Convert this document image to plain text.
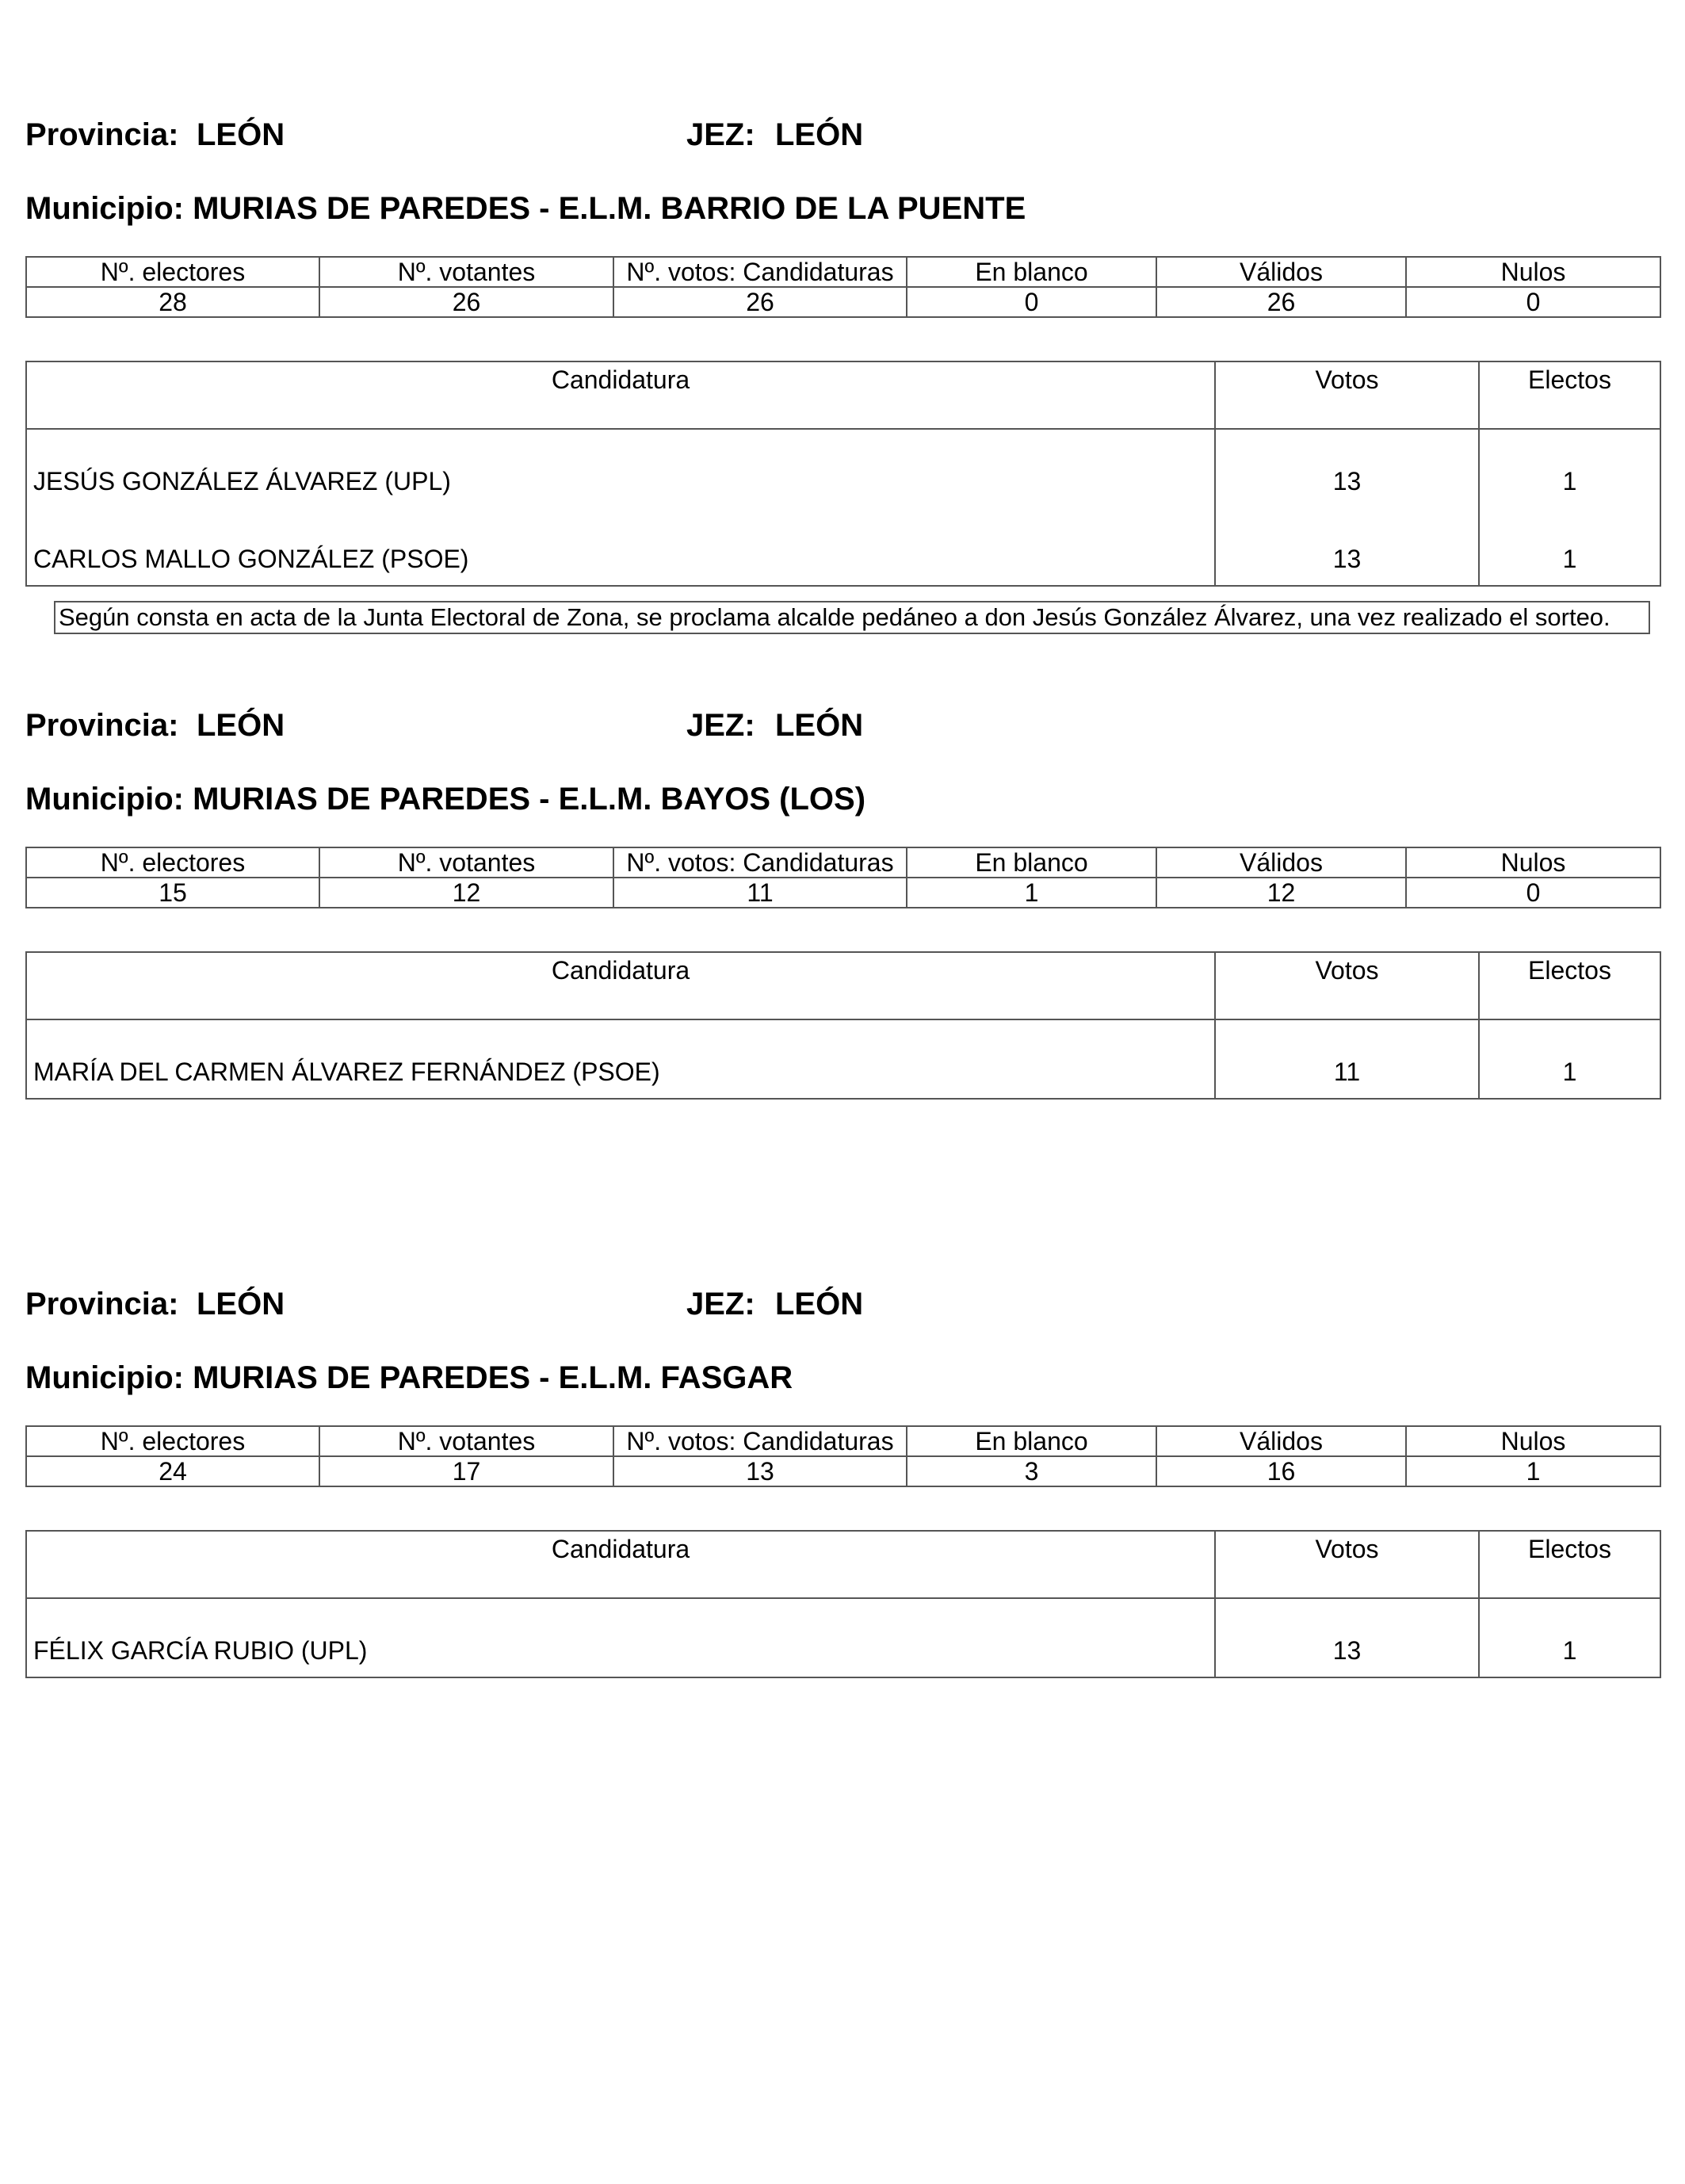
Provincia: LEÓN	JEZ: LEÓN
Municipio: MURIAS DE PAREDES - E.L.M. BARRIO DE LA PUENTE
Nº. electores	Nº. votantes	Nº. votos: Candidaturas	En blanco	Válidos	Nulos
28	26	26	0	26	0
Candidatura	Votos	Electos
JESÚS GONZÁLEZ ÁLVAREZ (UPL)	13	1
CARLOS MALLO GONZÁLEZ (PSOE)	13	1
Según consta en acta de la Junta Electoral de Zona, se proclama alcalde pedáneo a don Jesús González Álvarez, una vez realizado el sorteo.
Provincia: LEÓN	JEZ: LEÓN
Municipio: MURIAS DE PAREDES - E.L.M. BAYOS (LOS)
Nº. electores	Nº. votantes	Nº. votos: Candidaturas	En blanco	Válidos	Nulos
15	12	11	1	12	0
Candidatura	Votos	Electos
MARÍA DEL CARMEN ÁLVAREZ FERNÁNDEZ (PSOE)	11	1
Provincia: LEÓN	JEZ: LEÓN
Municipio: MURIAS DE PAREDES - E.L.M. FASGAR
Nº. electores	Nº. votantes	Nº. votos: Candidaturas	En blanco	Válidos	Nulos
24	17	13	3	16	1
Candidatura	Votos	Electos
FÉLIX GARCÍA RUBIO (UPL)	13	1
